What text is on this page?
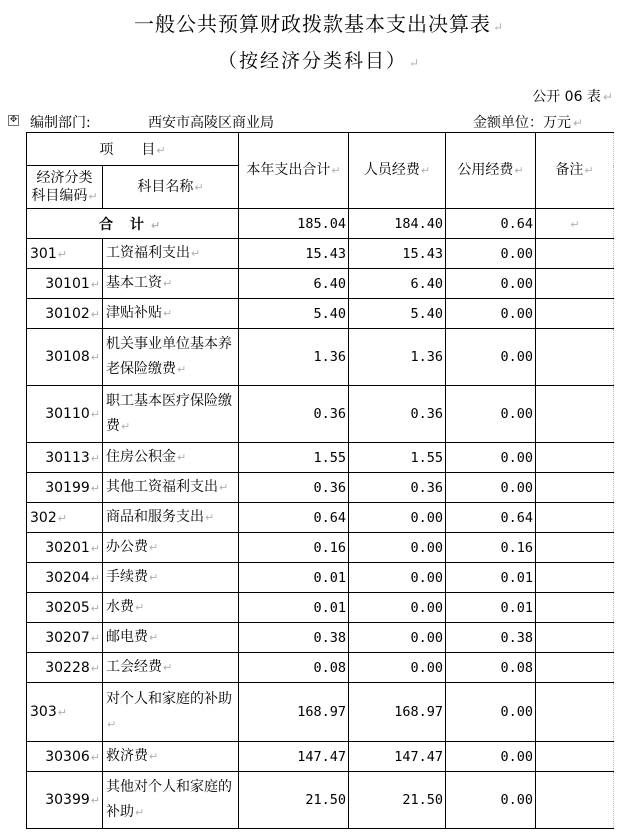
一般公共预算财政拨款基本支出决算表 ↵
（按经济分类科目） ↵
公开 06 表 ↵
✥ 编制部门:	西安市高陵区商业局	金额单位：万元 ↵
项　　目↵		本年支出合计↵	人员经费↵	公用经费↵	备注↵
经济分类
科目编码↵	科目名称↵				
合 计↵		185.04	184.40	0.64	↵
301↵	工资福利支出↵	15.43	15.43	0.00	
30101↵	基本工资↵	6.40	6.40	0.00	
30102↵	津贴补贴↵	5.40	5.40	0.00	
30108↵	机关事业单位基本养老保险缴费↵	1.36	1.36	0.00	
30110↵	职工基本医疗保险缴费↵	0.36	0.36	0.00	
30113↵	住房公积金↵	1.55	1.55	0.00	
30199↵	其他工资福利支出↵	0.36	0.36	0.00	
302↵	商品和服务支出↵	0.64	0.00	0.64	
30201↵	办公费↵	0.16	0.00	0.16	
30204↵	手续费↵	0.01	0.00	0.01	
30205↵	水费↵	0.01	0.00	0.01	
30207↵	邮电费↵	0.38	0.00	0.38	
30228↵	工会经费↵	0.08	0.00	0.08	
303↵	对个人和家庭的补助↵	168.97	168.97	0.00	
30306↵	救济费↵	147.47	147.47	0.00	
30399↵	其他对个人和家庭的补助↵	21.50	21.50	0.00	
